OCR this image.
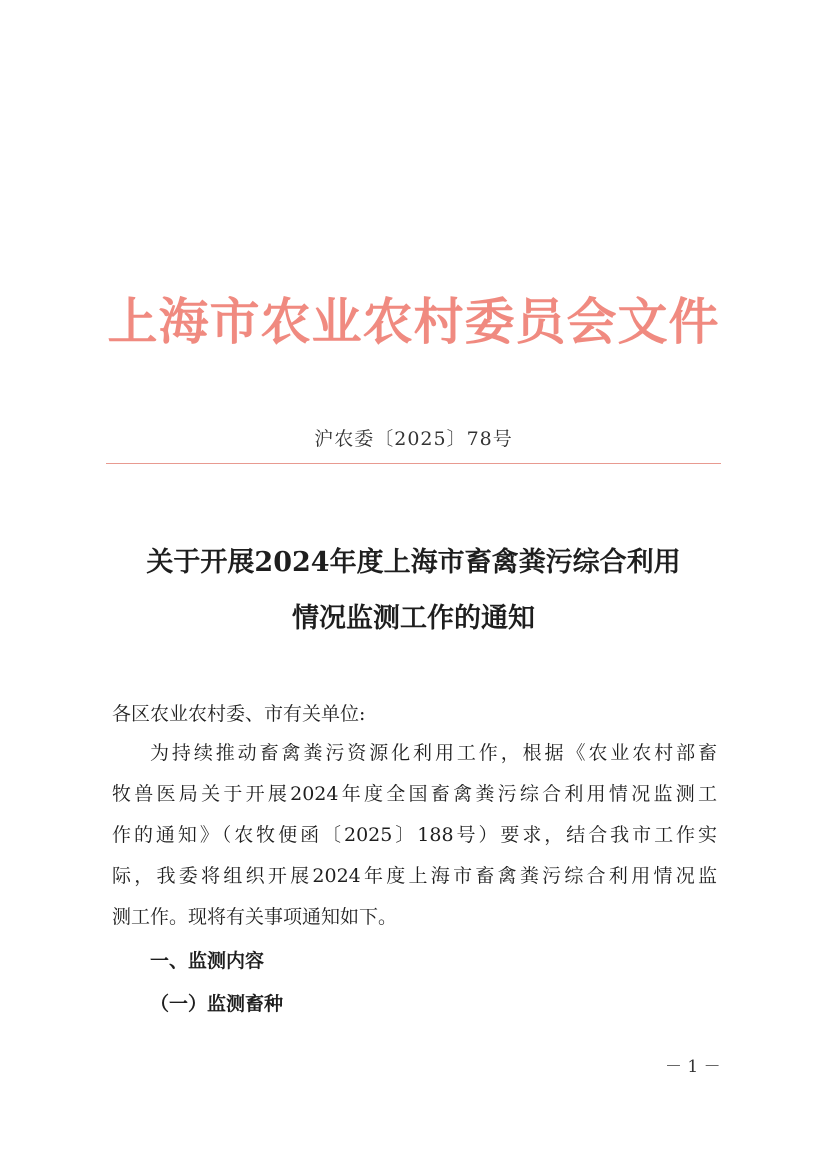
上海市农业农村委员会文件
沪农委〔2025〕78号
关于开展2024年度上海市畜禽粪污综合利用
情况监测工作的通知
各区农业农村委、市有关单位:
为持续推动畜禽粪污资源化利用工作，根据《农业农村部畜
牧兽医局关于开展2024年度全国畜禽粪污综合利用情况监测工
作的通知》（农牧便函〔2025〕188号）要求，结合我市工作实
际，我委将组织开展2024年度上海市畜禽粪污综合利用情况监
测工作。现将有关事项通知如下。
一、监测内容
（一）监测畜种
－ 1 －
